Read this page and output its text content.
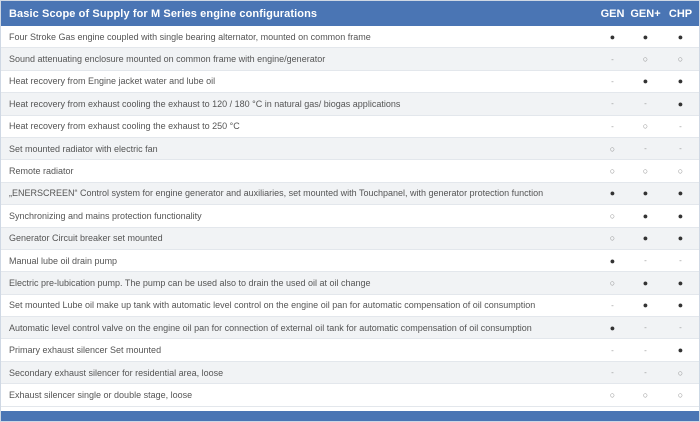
Basic Scope of Supply for M Series engine configurations	GEN GEN+ CHP
Four Stroke Gas engine coupled with single bearing alternator, mounted on common frame	●	●	●
Sound attenuating enclosure mounted on common frame with engine/generator	-	○	○
Heat recovery from Engine jacket water and lube oil	-	●	●
Heat recovery from exhaust cooling the exhaust to 120 / 180 °C in natural gas/ biogas applications	-	-	●
Heat recovery from exhaust cooling the exhaust to 250 °C	-	○	-
Set mounted radiator with electric fan	○	-	-
Remote radiator	○	○	○
„ENERSCREEN“ Control system for engine generator and auxiliaries, set mounted with Touchpanel, with generator protection function	●	●	●
Synchronizing and mains protection functionality	○	●	●
Generator Circuit breaker set mounted	○	●	●
Manual lube oil drain pump	●	-	-
Electric pre-lubication pump. The pump can be used also to drain the used oil at oil change	○	●	●
Set mounted Lube oil make up tank with automatic level control on the engine oil pan for automatic compensation of oil consumption	-	●	●
Automatic level control valve on the engine oil pan for connection of external oil tank for automatic compensation of oil consumption	●	-	-
Primary exhaust silencer Set mounted	-	-	●
Secondary exhaust silencer for residential area, loose	-	-	○
Exhaust silencer single or double stage, loose	○	○	○
